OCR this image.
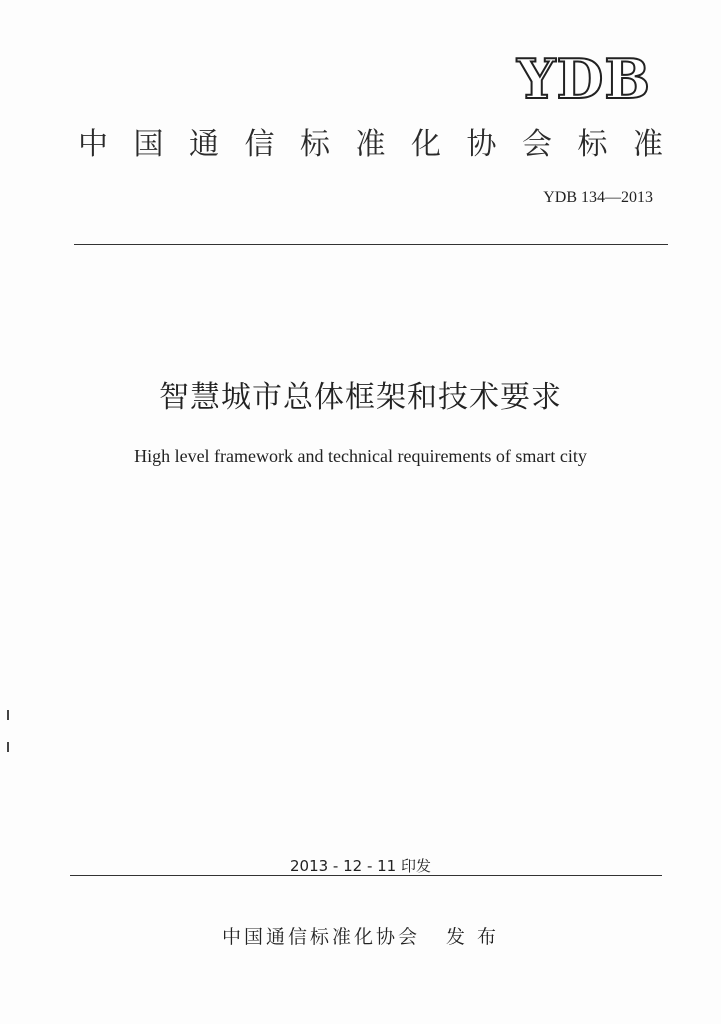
YDB
中 国 通 信 标 准 化 协 会 标 准
YDB 134—2013
智慧城市总体框架和技术要求
High level framework and technical requirements of smart city
2013 - 12 - 11 印发
中国通信标准化协会 发 布
